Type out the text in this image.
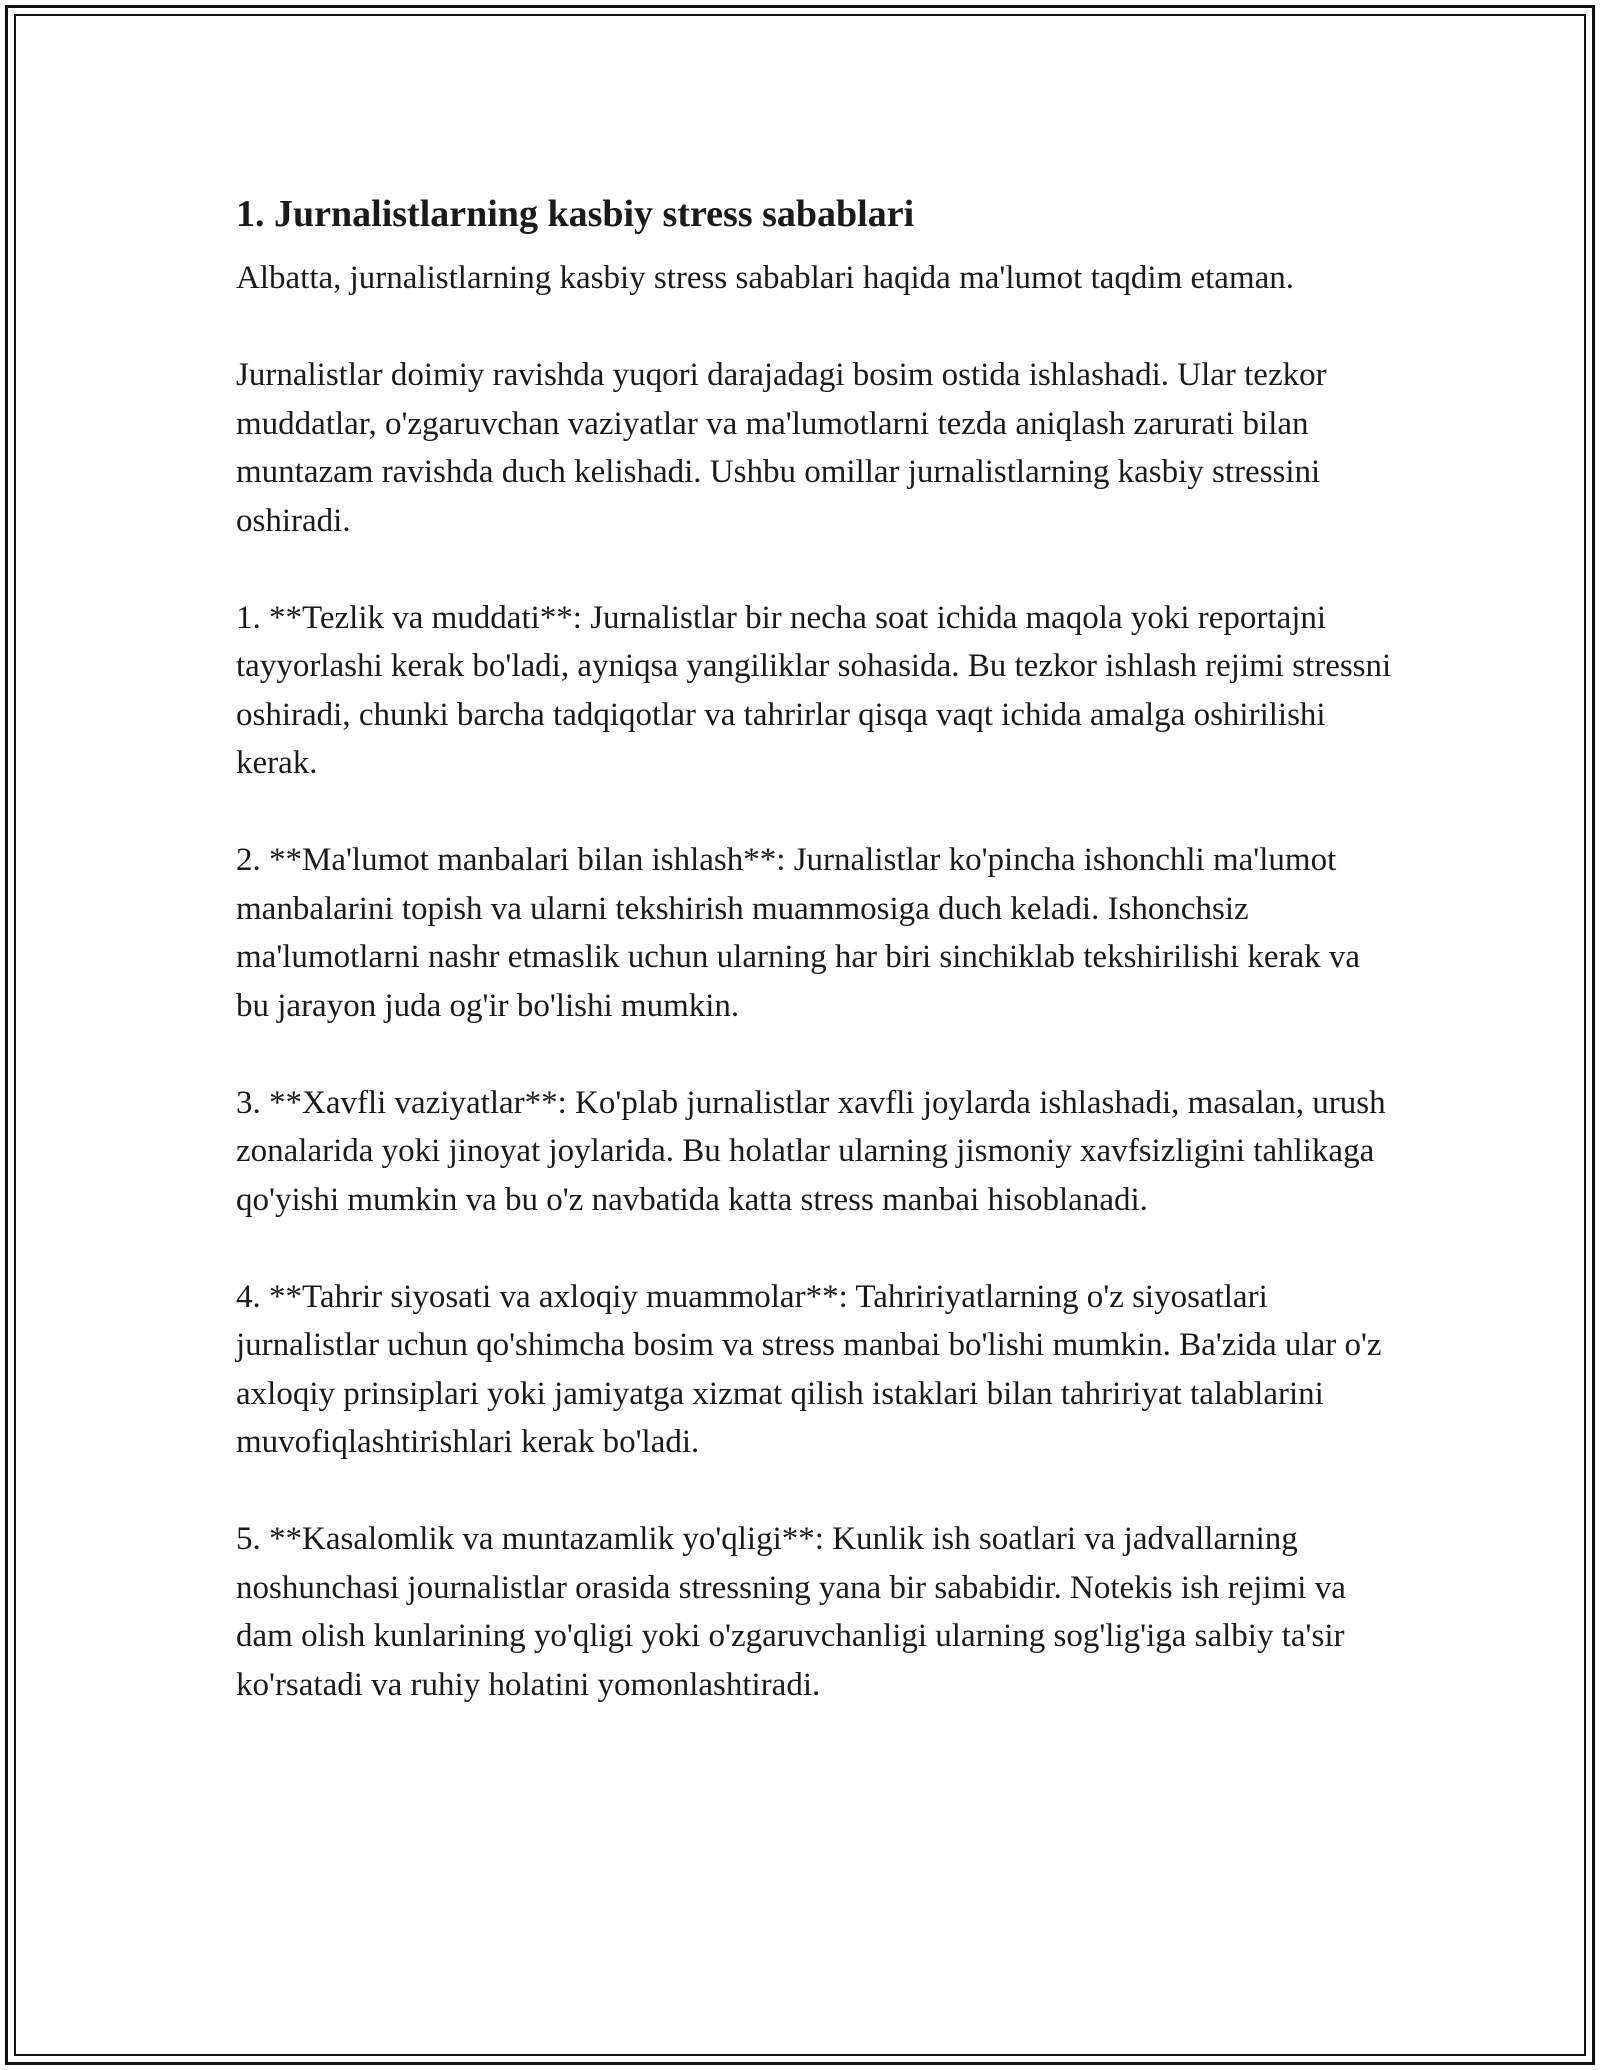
1. Jurnalistlarning kasbiy stress sabablari

Albatta, jurnalistlarning kasbiy stress sabablari haqida ma'lumot taqdim etaman.

Jurnalistlar doimiy ravishda yuqori darajadagi bosim ostida ishlashadi. Ular tezkor muddatlar, o'zgaruvchan vaziyatlar va ma'lumotlarni tezda aniqlash zarurati bilan muntazam ravishda duch kelishadi. Ushbu omillar jurnalistlarning kasbiy stressini oshiradi.

1. **Tezlik va muddati**: Jurnalistlar bir necha soat ichida maqola yoki reportajni tayyorlashi kerak bo'ladi, ayniqsa yangiliklar sohasida. Bu tezkor ishlash rejimi stressni oshiradi, chunki barcha tadqiqotlar va tahrirlar qisqa vaqt ichida amalga oshirilishi kerak.

2. **Ma'lumot manbalari bilan ishlash**: Jurnalistlar ko'pincha ishonchli ma'lumot manbalarini topish va ularni tekshirish muammosiga duch keladi. Ishonchsiz ma'lumotlarni nashr etmaslik uchun ularning har biri sinchiklab tekshirilishi kerak va bu jarayon juda og'ir bo'lishi mumkin.

3. **Xavfli vaziyatlar**: Ko'plab jurnalistlar xavfli joylarda ishlashadi, masalan, urush zonalarida yoki jinoyat joylarida. Bu holatlar ularning jismoniy xavfsizligini tahlikaga qo'yishi mumkin va bu o'z navbatida katta stress manbai hisoblanadi.

4. **Tahrir siyosati va axloqiy muammolar**: Tahririyatlarning o'z siyosatlari jurnalistlar uchun qo'shimcha bosim va stress manbai bo'lishi mumkin. Ba'zida ular o'z axloqiy prinsiplari yoki jamiyatga xizmat qilish istaklari bilan tahririyat talablarini muvofiqlashtirishlari kerak bo'ladi.

5. **Kasalomlik va muntazamlik yo'qligi**: Kunlik ish soatlari va jadvallarning noshunchasi journalistlar orasida stressning yana bir sababidir. Notekis ish rejimi va dam olish kunlarining yo'qligi yoki o'zgaruvchanligi ularning sog'lig'iga salbiy ta'sir ko'rsatadi va ruhiy holatini yomonlashtiradi.
